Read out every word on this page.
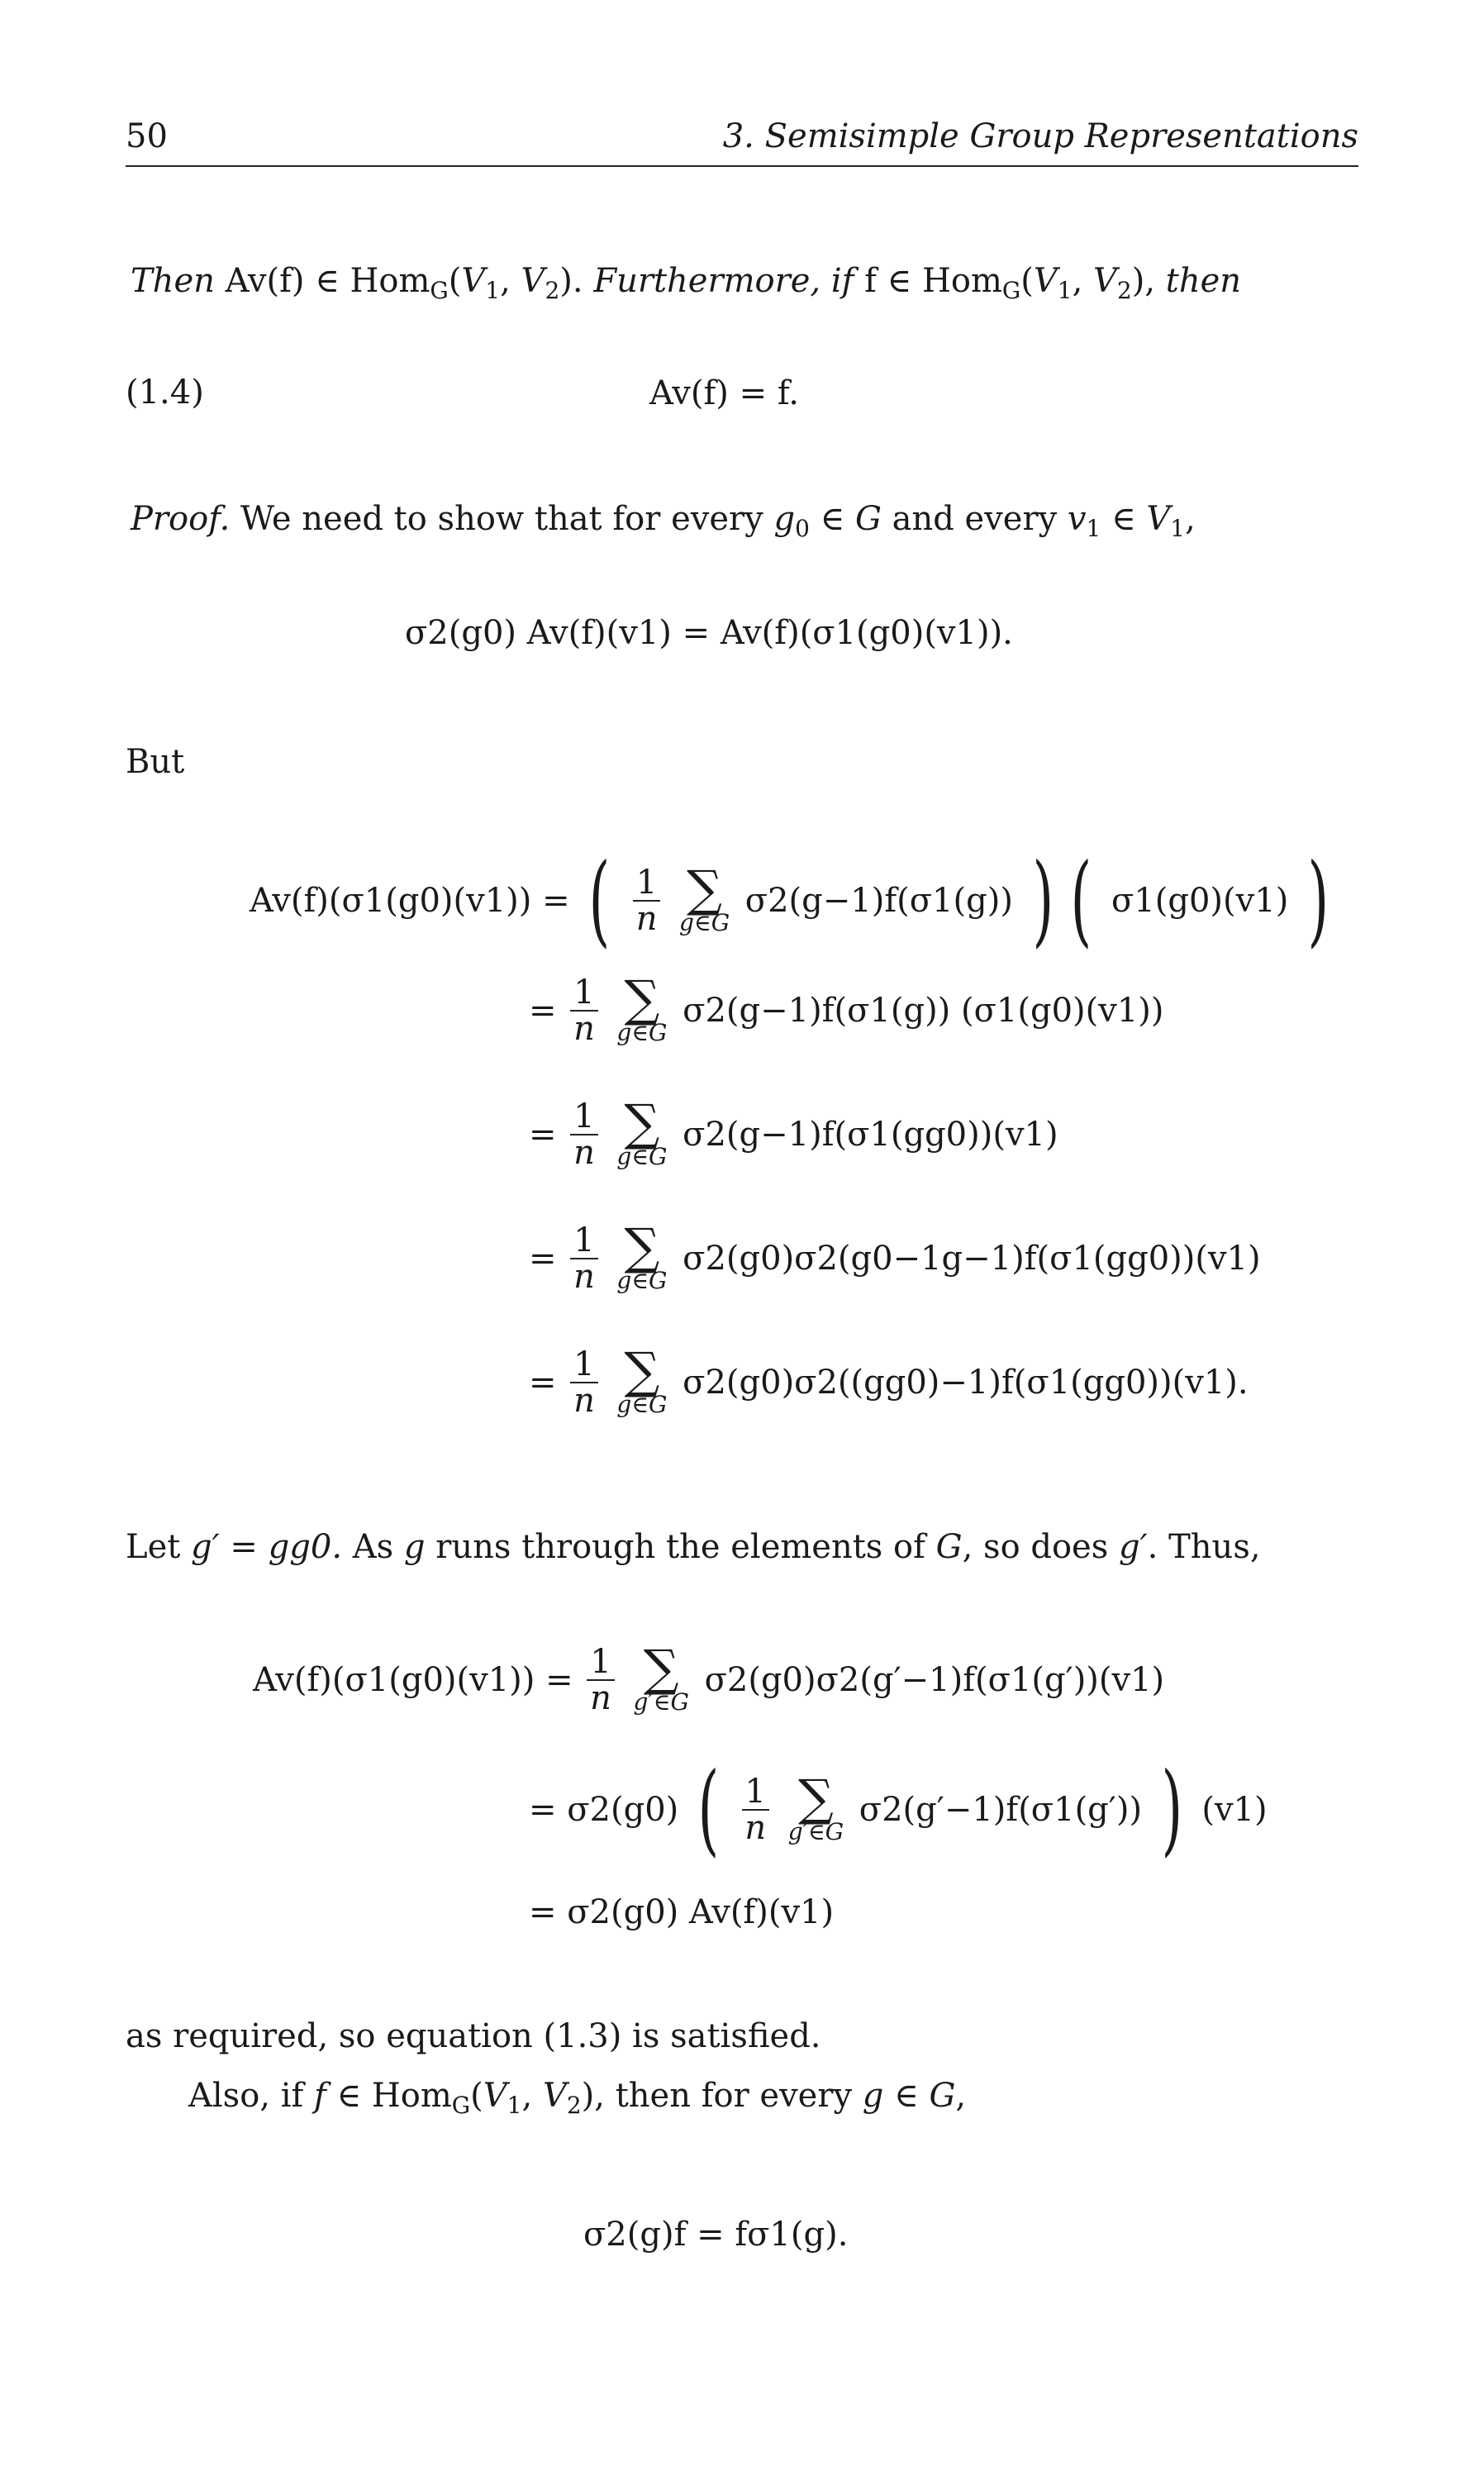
50	3. Semisimple Group Representations
Then Av(f) ∈ $Hom_G(V_1$, $V_2$). Furthermore, if f ∈ $Hom_G(V_1$, $V_2$), then
(1.4)	Av(f) = f.
Proof. We need to show that for every $g_0$ ∈ G and every $v_1$ ∈ $V_1$,
σ2(g0) Av(f)(v1) = Av(f)(σ1(g0)(v1)).
But
Av(f)(σ1(g0)(v1)) = ( $\frac{1}{n}$
∑
g∈G
σ2(g−1)f(σ1(g)) ) ( σ1(g0)(v1) )
= $\frac{1}{n}$
∑
g∈G
σ2(g−1)f(σ1(g)) (σ1(g0)(v1))
= $\frac{1}{n}$
∑
g∈G
σ2(g−1)f(σ1(gg0))(v1)
= $\frac{1}{n}$
∑
g∈G
σ2(g0)σ2(g0−1g−1)f(σ1(gg0))(v1)
= $\frac{1}{n}$
∑
g∈G
σ2(g0)σ2((gg0)−1)f(σ1(gg0))(v1).
Let g′ = gg0. As g runs through the elements of G, so does g′. Thus,
$Av(f)(\sigma 1(g0)(v1)) = \frac{1}{n}$
∑
g′∈G
σ2(g0)σ2(g′−1)f(σ1(g′))(v1)
= σ2(g0) ( $\frac{1}{n}$
∑
g′∈G
σ2(g′−1)f(σ1(g′)) ) (v1)
= σ2(g0) Av(f)(v1)
as required, so equation (1.3) is satisfied.
Also, if f ∈ $Hom_G(V_1$, $V_2$), then for every g ∈ G,
σ2(g)f = fσ1(g).
